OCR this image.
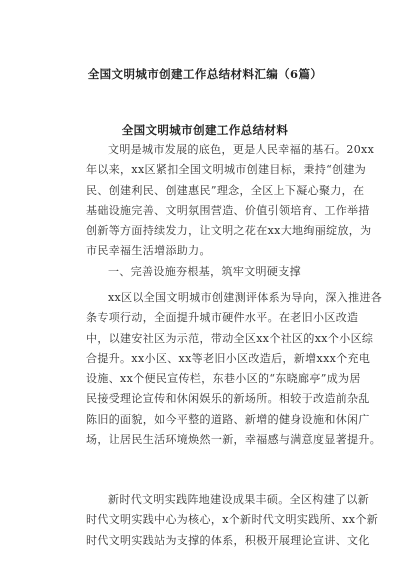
全国文明城市创建工作总结材料汇编（6篇）
全国文明城市创建工作总结材料
文明是城市发展的底色，更是人民幸福的基石。20xx
年以来，xx区紧扣全国文明城市创建目标，秉持“创建为
民、创建利民、创建惠民”理念，全区上下凝心聚力，在
基础设施完善、文明氛围营造、价值引领培育、工作举措
创新等方面持续发力，让文明之花在xx大地绚丽绽放，为
市民幸福生活增添助力。
一、完善设施夯根基，筑牢文明硬支撑
xx区以全国文明城市创建测评体系为导向，深入推进各
条专项行动，全面提升城市硬件水平。在老旧小区改造
中，以建安社区为示范，带动全区xx个社区的xx个小区综
合提升。xx小区、xx等老旧小区改造后，新增xxx个充电
设施、xx个便民宣传栏，东巷小区的“东晓廊亭”成为居
民接受理论宣传和休闲娱乐的新场所。相较于改造前杂乱
陈旧的面貌，如今平整的道路、新增的健身设施和休闲广
场，让居民生活环境焕然一新，幸福感与满意度显著提升。
新时代文明实践阵地建设成果丰硕。全区构建了以新
时代文明实践中心为核心，x个新时代文明实践所、xx个新
时代文明实践站为支撑的体系，积极开展理论宣讲、文化
